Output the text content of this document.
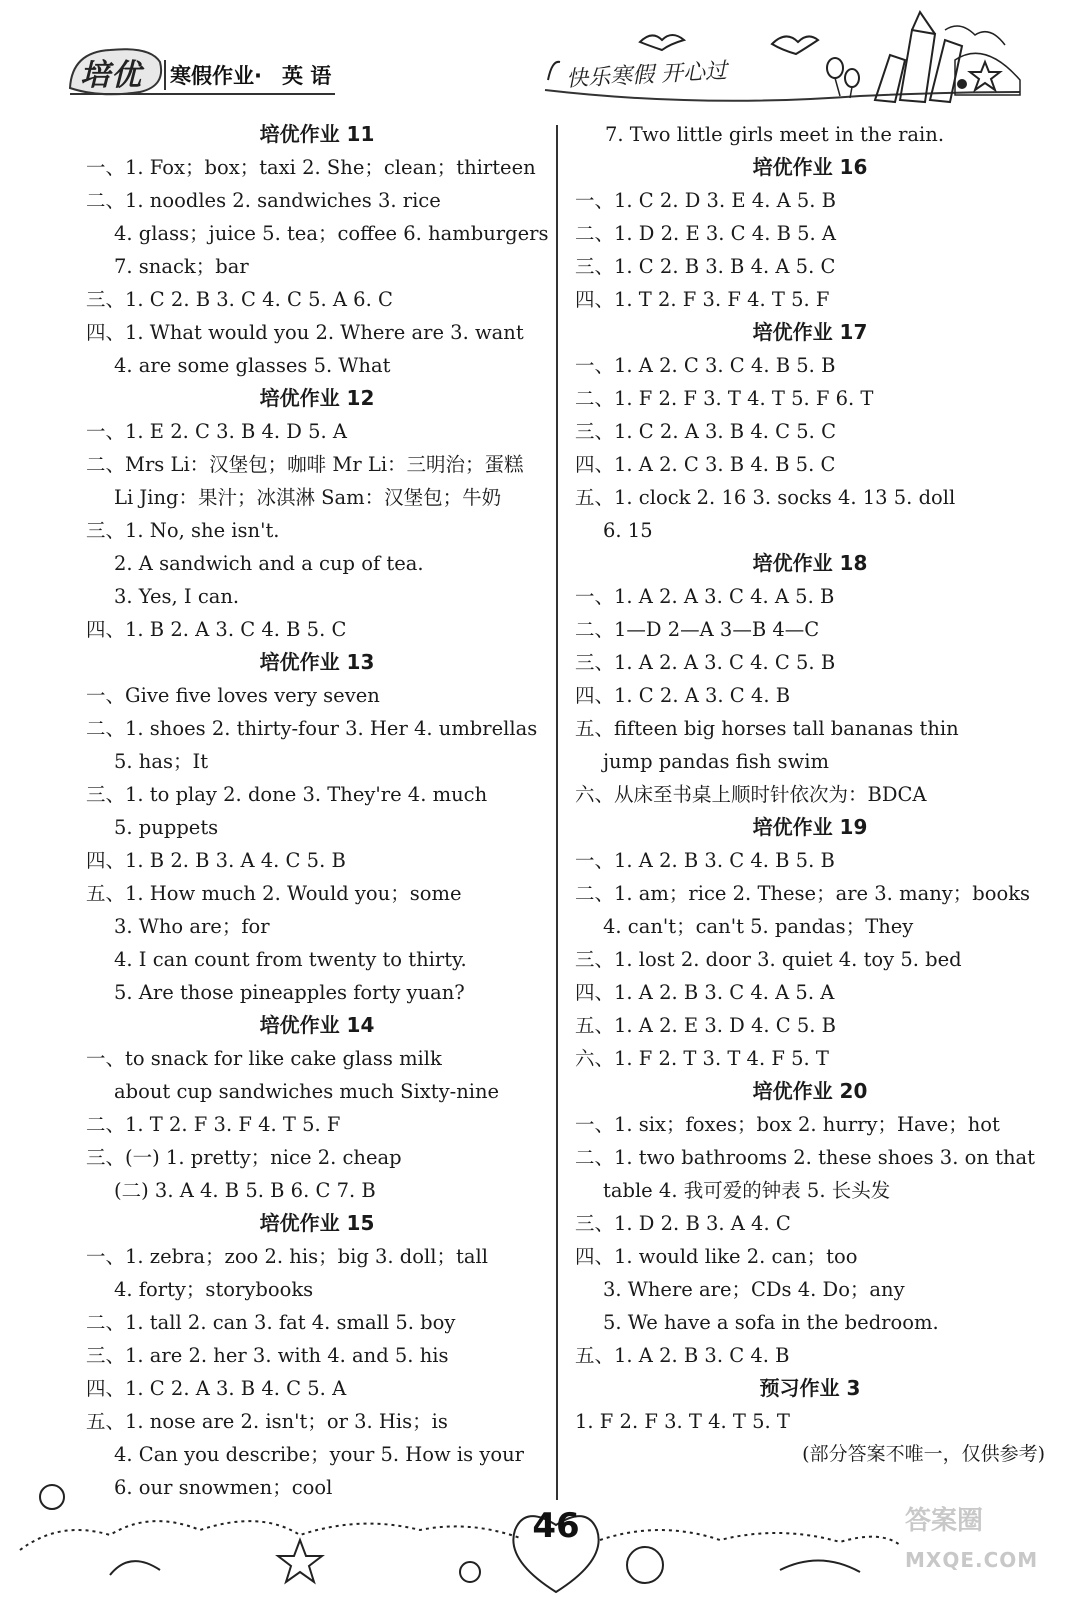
培优 寒假作业· 英 语	快乐寒假 开心过
培优作业 11
一、1. Fox；box；taxi 2. She；clean；thirteen
二、1. noodles 2. sandwiches 3. rice
4. glass；juice 5. tea；coffee 6. hamburgers
7. snack；bar
三、1. C 2. B 3. C 4. C 5. A 6. C
四、1. What would you 2. Where are 3. want
4. are some glasses 5. What
培优作业 12
一、1. E 2. C 3. B 4. D 5. A
二、Mrs Li：汉堡包；咖啡 Mr Li：三明治；蛋糕
Li Jing：果汁；冰淇淋 Sam：汉堡包；牛奶
三、1. No, she isn't.
2. A sandwich and a cup of tea.
3. Yes, I can.
四、1. B 2. A 3. C 4. B 5. C
培优作业 13
一、Give five loves very seven
二、1. shoes 2. thirty-four 3. Her 4. umbrellas
5. has；It
三、1. to play 2. done 3. They're 4. much
5. puppets
四、1. B 2. B 3. A 4. C 5. B
五、1. How much 2. Would you；some
3. Who are；for
4. I can count from twenty to thirty.
5. Are those pineapples forty yuan?
培优作业 14
一、to snack for like cake glass milk
about cup sandwiches much Sixty-nine
二、1. T 2. F 3. F 4. T 5. F
三、(一) 1. pretty；nice 2. cheap
(二) 3. A 4. B 5. B 6. C 7. B
培优作业 15
一、1. zebra；zoo 2. his；big 3. doll；tall
4. forty；storybooks
二、1. tall 2. can 3. fat 4. small 5. boy
三、1. are 2. her 3. with 4. and 5. his
四、1. C 2. A 3. B 4. C 5. A
五、1. nose are 2. isn't；or 3. His；is
4. Can you describe；your 5. How is your
6. our snowmen；cool
7. Two little girls meet in the rain.
培优作业 16
一、1. C 2. D 3. E 4. A 5. B
二、1. D 2. E 3. C 4. B 5. A
三、1. C 2. B 3. B 4. A 5. C
四、1. T 2. F 3. F 4. T 5. F
培优作业 17
一、1. A 2. C 3. C 4. B 5. B
二、1. F 2. F 3. T 4. T 5. F 6. T
三、1. C 2. A 3. B 4. C 5. C
四、1. A 2. C 3. B 4. B 5. C
五、1. clock 2. 16 3. socks 4. 13 5. doll
6. 15
培优作业 18
一、1. A 2. A 3. C 4. A 5. B
二、1—D 2—A 3—B 4—C
三、1. A 2. A 3. C 4. C 5. B
四、1. C 2. A 3. C 4. B
五、fifteen big horses tall bananas thin
jump pandas fish swim
六、从床至书桌上顺时针依次为：BDCA
培优作业 19
一、1. A 2. B 3. C 4. B 5. B
二、1. am；rice 2. These；are 3. many；books
4. can't；can't 5. pandas；They
三、1. lost 2. door 3. quiet 4. toy 5. bed
四、1. A 2. B 3. C 4. A 5. A
五、1. A 2. E 3. D 4. C 5. B
六、1. F 2. T 3. T 4. F 5. T
培优作业 20
一、1. six；foxes；box 2. hurry；Have；hot
二、1. two bathrooms 2. these shoes 3. on that
table 4. 我可爱的钟表 5. 长头发
三、1. D 2. B 3. A 4. C
四、1. would like 2. can；too
3. Where are；CDs 4. Do；any
5. We have a sofa in the bedroom.
五、1. A 2. B 3. C 4. B
预习作业 3
1. F 2. F 3. T 4. T 5. T
(部分答案不唯一，仅供参考)
46	答案圈
MXQE.COM
